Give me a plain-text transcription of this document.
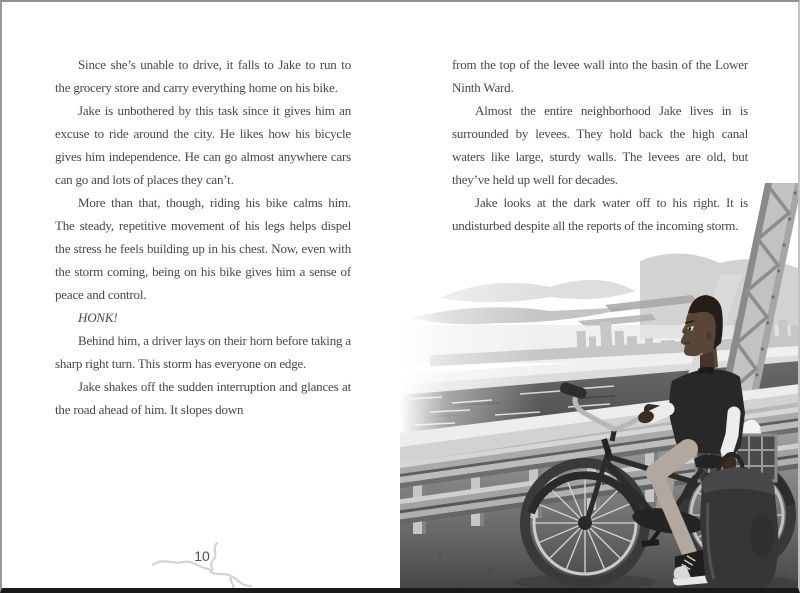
Since she’s unable to drive, it falls to Jake to run to the grocery store and carry everything home on his bike.

Jake is unbothered by this task since it gives him an excuse to ride around the city. He likes how his bicycle gives him independence. He can go almost anywhere cars can go and lots of places they can’t.

More than that, though, riding his bike calms him. The steady, repetitive movement of his legs helps dispel the stress he feels building up in his chest. Now, even with the storm coming, being on his bike gives him a sense of peace and control.

HONK!

Behind him, a driver lays on their horn before taking a sharp right turn. This storm has everyone on edge.

Jake shakes off the sudden interruption and glances at the road ahead of him. It slopes down

from the top of the levee wall into the basin of the Lower Ninth Ward.

Almost the entire neighborhood Jake lives in is surrounded by levees. They hold back the high canal waters like large, sturdy walls. The levees are old, but they’ve held up well for decades.

Jake looks at the dark water off to his right. It is undisturbed despite all the reports of the incoming storm.

10
